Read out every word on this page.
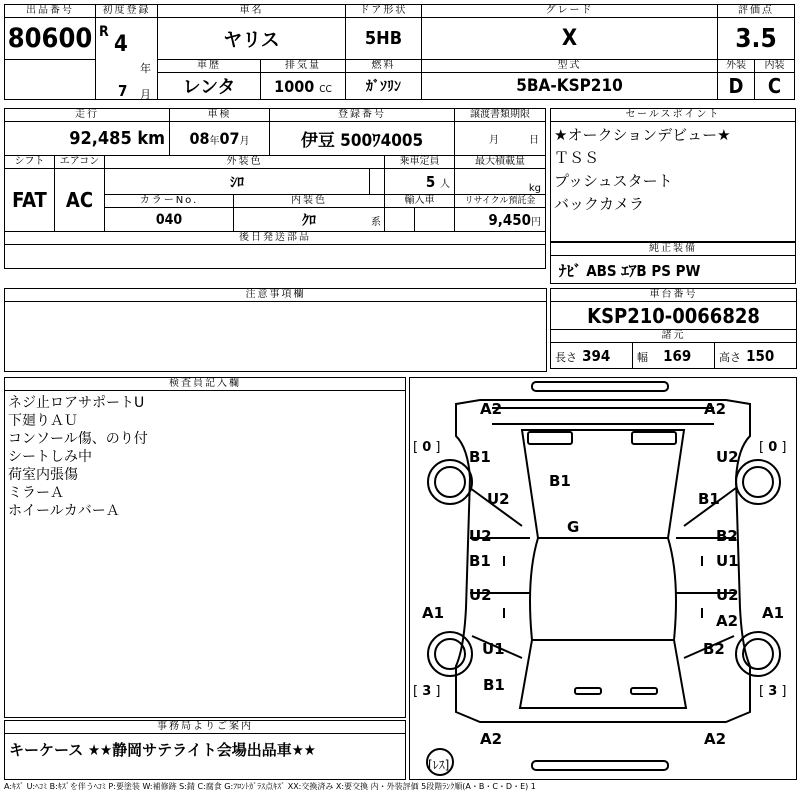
出品番号	初度登録	車名		ドア形状	グレード	評価点	
80600	R 4
年
7 月	ヤリス		5HB	X	3.5	
		車歴	排気量	燃料	型式	外装	内装
		レンタ	1000 CC	ｶﾞｿﾘﾝ	5BA-KSP210	D	C
走行			車検		登録番号				譲渡書類期限
92,485 km			08年07月		伊豆 500ﾜ4005				月 日
シフト	エアコン	外装色					乗車定員		最大積載量
FAT	AC	ｼﾛ					5 人		kg
		カラーNo.		内装色			輸入車		リサイクル預託金
		040		ｸﾛ 系					9,450円
後日発送部品									

セールスポイント
★オークションデビュー★
ＴＳＳ
プッシュスタート
バックカメラ
純正装備
ﾅﾋﾞ ABS ｴｱB PS PW
注意事項欄	車台番号
KSP210-0066828
諸元
長さ 394	幅 169	高さ 150
検査員記入欄
ネジ止ロアサポートU
下廻りＡＵ
コンソール傷、のり付
シートしみ中
荷室内張傷
ミラーＡ
ホイールカバーＡ
事務局よりご案内
キーケース ★★静岡サテライト会場出品車★★
A2	A2
B1	U2
B1
U2	B1
G
U2
B1
B2
U1
U2	U2
A2
A1	A1
U1	B2
B1
A2	A2
[ 0 ]	[ 0 ]
[ 3 ]	[ 3 ]
[ﾚｽ]
A:ｷｽﾞ U:ﾍｺﾐ B:ｷｽﾞを伴うﾍｺﾐ P:要塗装 W:補修跡 S:錆 C:腐食 G:ﾌﾛﾝﾄｶﾞﾗｽ点ｷｽﾞ XX:交換済み X:要交換 内・外装評価 5段階ﾗﾝｸ順(A・B・C・D・E) 1
